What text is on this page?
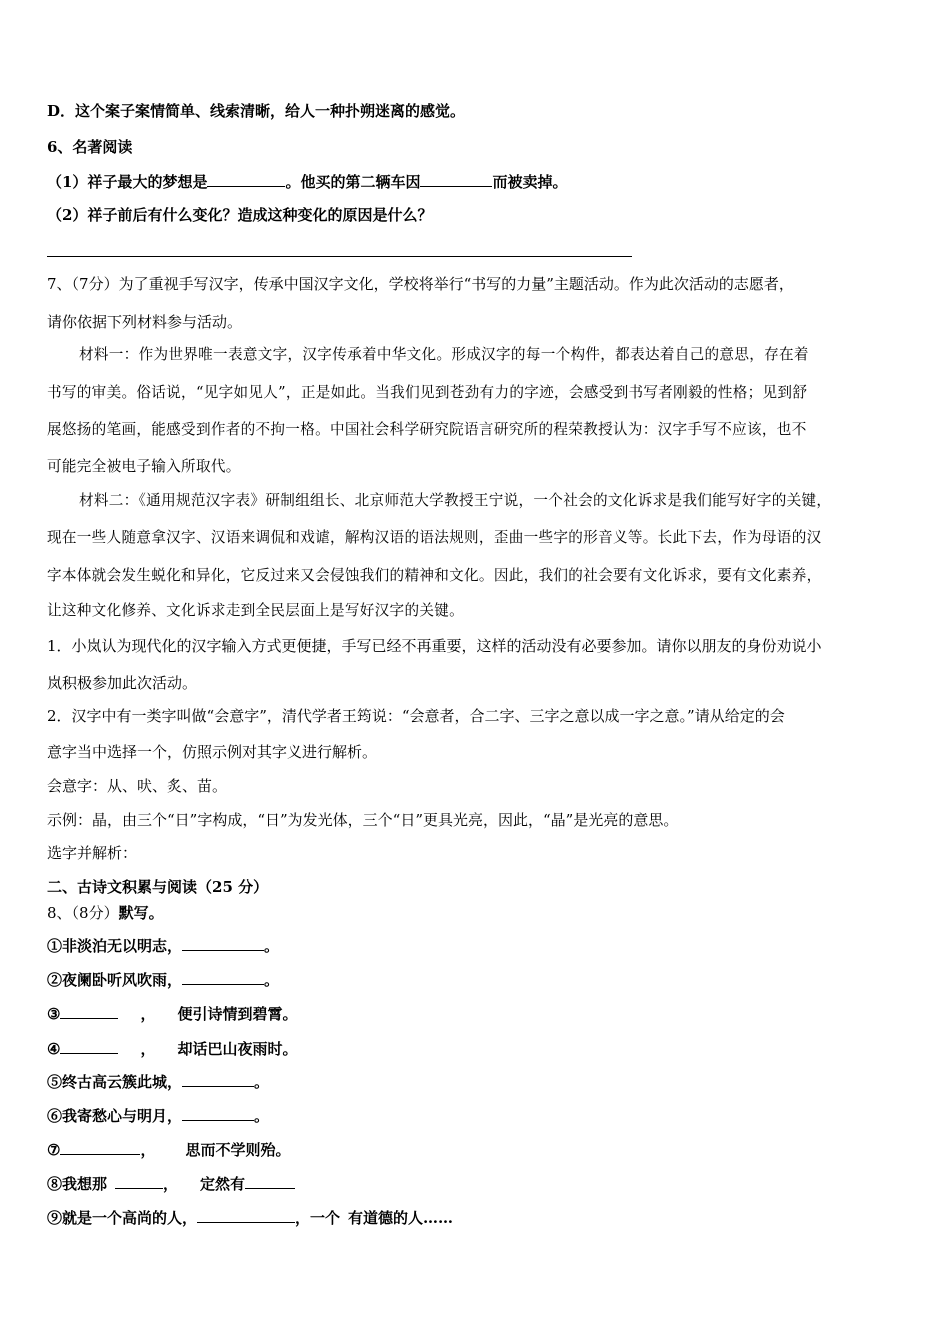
D．这个案子案情简单、线索清晰，给人一种扑朔迷离的感觉。
6、名著阅读
（1）祥子最大的梦想是	。他买的第二辆车因	而被卖掉。
（2）祥子前后有什么变化？造成这种变化的原因是什么？
7、（7分）为了重视手写汉字，传承中国汉字文化，学校将举行“书写的力量”主题活动。作为此次活动的志愿者，
请你依据下列材料参与活动。
材料一：作为世界唯一表意文字，汉字传承着中华文化。形成汉字的每一个构件，都表达着自己的意思，存在着
书写的审美。俗话说，“见字如见人”，正是如此。当我们见到苍劲有力的字迹，会感受到书写者刚毅的性格；见到舒
展悠扬的笔画，能感受到作者的不拘一格。中国社会科学研究院语言研究所的程荣教授认为：汉字手写不应该，也不
可能完全被电子输入所取代。
材料二：《通用规范汉字表》研制组组长、北京师范大学教授王宁说，一个社会的文化诉求是我们能写好字的关键，
现在一些人随意拿汉字、汉语来调侃和戏谑，解构汉语的语法规则，歪曲一些字的形音义等。长此下去，作为母语的汉
字本体就会发生蜕化和异化，它反过来又会侵蚀我们的精神和文化。因此，我们的社会要有文化诉求，要有文化素养，
让这种文化修养、文化诉求走到全民层面上是写好汉字的关键。
1．小岚认为现代化的汉字输入方式更便捷，手写已经不再重要，这样的活动没有必要参加。请你以朋友的身份劝说小
岚积极参加此次活动。
2．汉字中有一类字叫做“会意字”，清代学者王筠说：“会意者，合二字、三字之意以成一字之意。”请从给定的会
意字当中选择一个，仿照示例对其字义进行解析。
会意字：从、吠、炙、苗。
示例：晶，由三个“日”字构成，“日”为发光体，三个“日”更具光亮，因此，“晶”是光亮的意思。
选字并解析：
二、古诗文积累与阅读（25 分）
8、（8分）默写。
①非淡泊无以明志，	。
②夜阑卧听风吹雨，	。
③	， 便引诗情到碧霄。
④	， 却话巴山夜雨时。
⑤终古高云簇此城，	。
⑥我寄愁心与明月，	。
⑦	， 思而不学则殆。
⑧我想那	， 定然有
⑨就是一个高尚的人，	，一个 有道德的人……
